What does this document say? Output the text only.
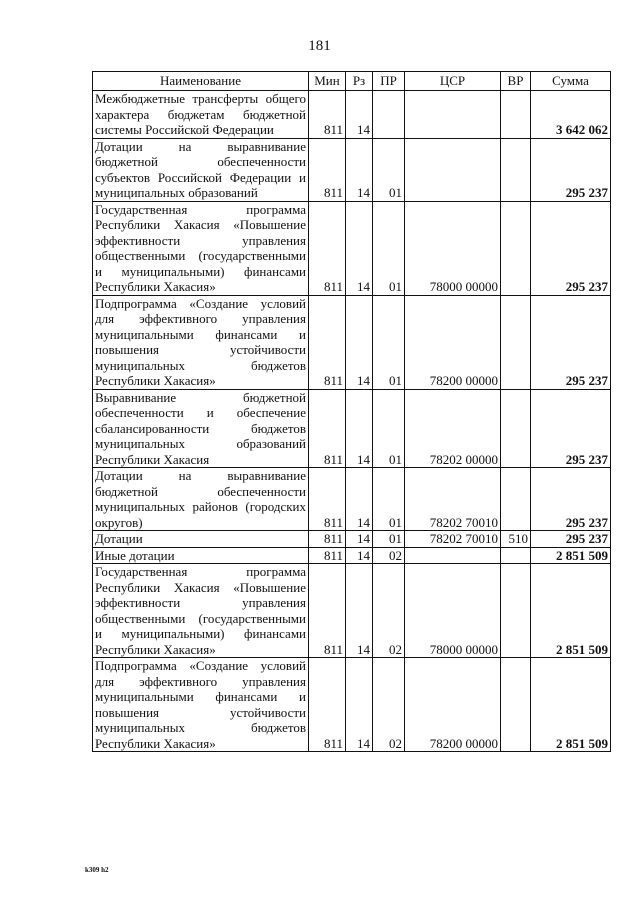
181
Наименование	Мин	Рз	ПР	ЦСР	ВР	Сумма
Межбюджетные трансферты общего характера бюджетам бюджетной системы Российской Федерации	811	14				3 642 062
Дотации на выравнивание бюджетной обеспеченности субъектов Российской Федерации и муниципальных образований	811	14	01			295 237
Государственная программа Республики Хакасия «Повышение эффективности управления общественными (государственными и муниципальными) финансами Республики Хакасия»	811	14	01	78000 00000		295 237
Подпрограмма «Создание условий для эффективного управления муниципальными финансами и повышения устойчивости муниципальных бюджетов Республики Хакасия»	811	14	01	78200 00000		295 237
Выравнивание бюджетной обеспеченности и обеспечение сбалансированности бюджетов муниципальных образований Республики Хакасия	811	14	01	78202 00000		295 237
Дотации на выравнивание бюджетной обеспеченности муниципальных районов (городских округов)	811	14	01	78202 70010		295 237
Дотации	811	14	01	78202 70010	510	295 237
Иные дотации	811	14	02			2 851 509
Государственная программа Республики Хакасия «Повышение эффективности управления общественными (государственными и муниципальными) финансами Республики Хакасия»	811	14	02	78000 00000		2 851 509
Подпрограмма «Создание условий для эффективного управления муниципальными финансами и повышения устойчивости муниципальных бюджетов Республики Хакасия»	811	14	02	78200 00000		2 851 509
k309 h2
